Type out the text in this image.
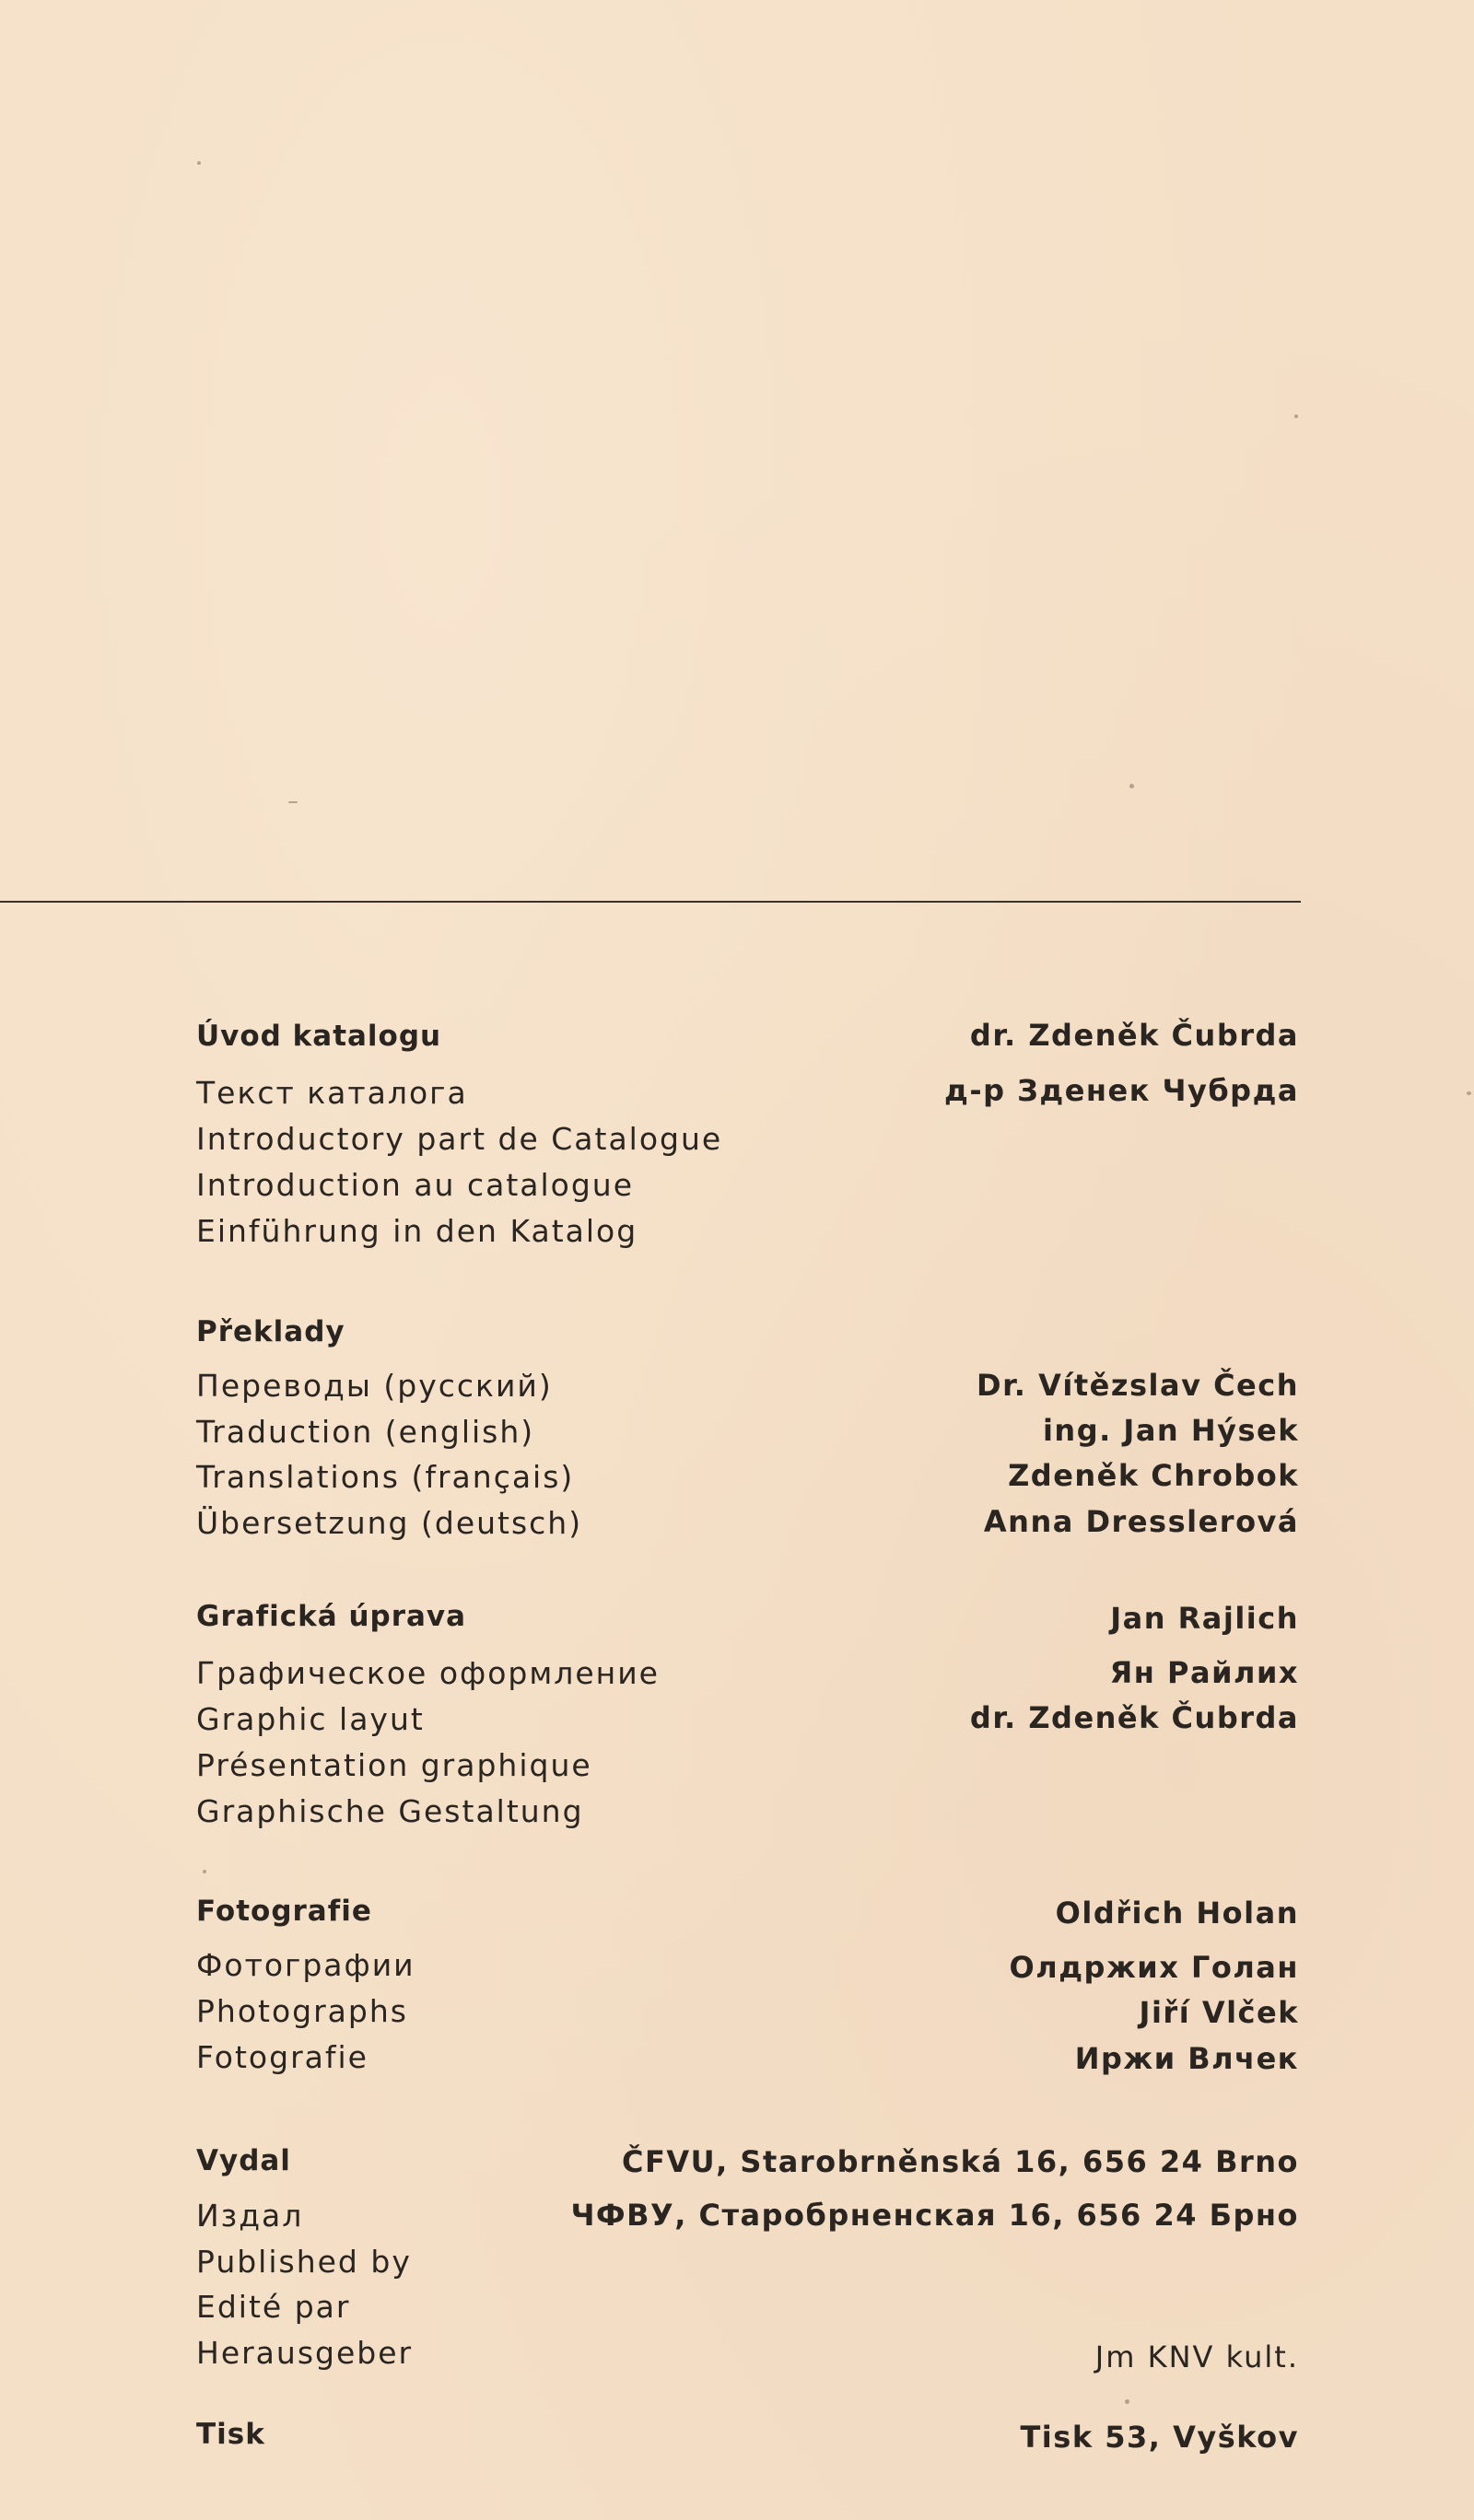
Úvod katalogu
Текст каталога
Introductory part de Catalogue
Introduction au catalogue
Einführung in den Katalog
dr. Zdeněk Čubrda
д-р Зденек Чубрда
Překlady
Переводы (русский)
Traduction (english)
Translations (français)
Übersetzung (deutsch)
Dr. Vítězslav Čech
ing. Jan Hýsek
Zdeněk Chrobok
Anna Dresslerová
Grafická úprava
Графическое оформление
Graphic layut
Présentation graphique
Graphische Gestaltung
Jan Rajlich
Ян Райлих
dr. Zdeněk Čubrda
Fotografie
Фотографии
Photographs
Fotografie
Oldřich Holan
Олдржих Голан
Jiří Vlček
Иржи Влчек
Vydal
Издал
Published by
Edité par
Herausgeber
ČFVU, Starobrněnská 16, 656 24 Brno
ЧФВУ, Старобрненская 16, 656 24 Брно
Jm KNV kult.
Tisk	Tisk 53, Vyškov
